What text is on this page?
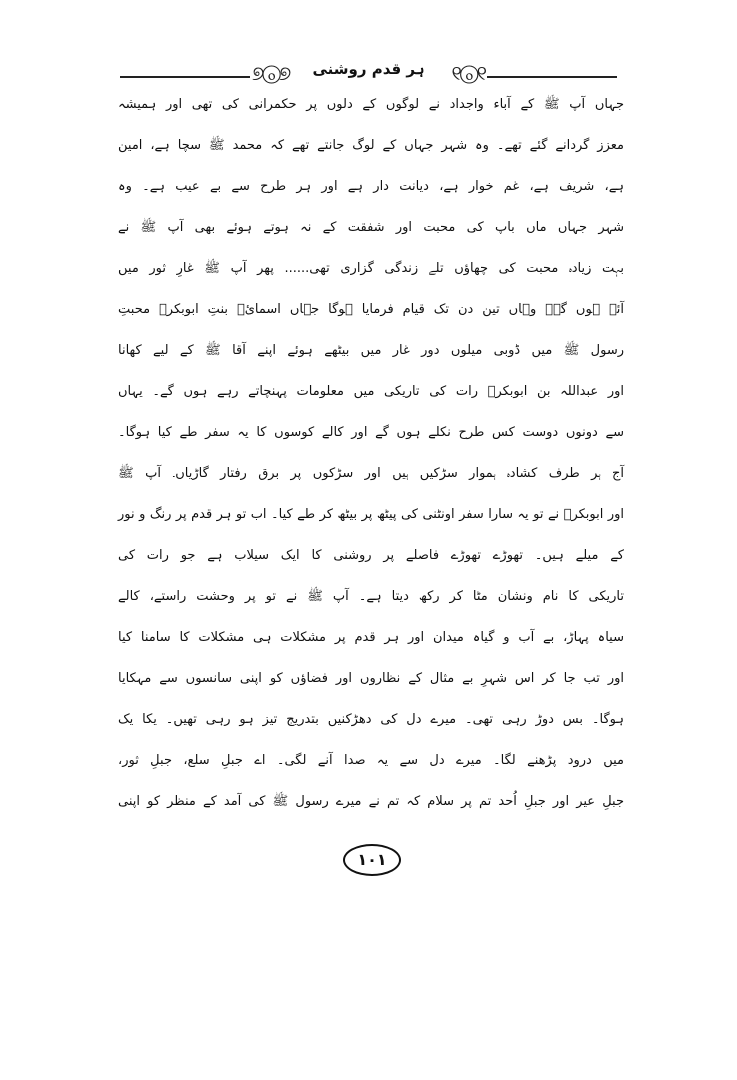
୭ⓞ୭	ہر قدم روشنی	୧ⓞ୧
جہاں آپ ﷺ کے آباء واجداد نے لوگوں کے دلوں پر حکمرانی کی تھی اور ہمیشہ
معزز گردانے گئے تھے۔ وہ شہر جہاں کے لوگ جانتے تھے کہ محمد ﷺ سچا ہے، امین
ہے، شریف ہے، غم خوار ہے، دیانت دار ہے اور ہر طرح سے بے عیب ہے۔ وہ
شہر جہاں ماں باپ کی محبت اور شفقت کے نہ ہوتے ہوئے بھی آپ ﷺ نے
بہت زیادہ محبت کی چھاؤں تلے زندگی گزاری تھی...... پھر آپ ﷺ غارِ ثور میں
آئے ہوں گے۔ وہاں تین دن تک قیام فرمایا ہوگا جہاں اسمائؓ بنتِ ابوبکرؓ محبتِ
رسول ﷺ میں ڈوبی میلوں دور غار میں بیٹھے ہوئے اپنے آقا ﷺ کے لیے کھانا
اور عبداللہ بن ابوبکرؓ رات کی تاریکی میں معلومات پہنچاتے رہے ہوں گے۔ یہاں
سے دونوں دوست کس طرح نکلے ہوں گے اور کالے کوسوں کا یہ سفر طے کیا ہوگا۔
آج ہر طرف کشادہ ہموار سڑکیں ہیں اور سڑکوں پر برق رفتار گاڑیاں۔ آپ ﷺ
اور ابوبکرؓ نے تو یہ سارا سفر اونٹنی کی پیٹھ پر بیٹھ کر طے کیا۔ اب تو ہر قدم پر رنگ و نور
کے میلے ہیں۔ تھوڑے تھوڑے فاصلے پر روشنی کا ایک سیلاب ہے جو رات کی
تاریکی کا نام ونشان مٹا کر رکھ دیتا ہے۔ آپ ﷺ نے تو پر وحشت راستے، کالے
سیاہ پہاڑ، بے آب و گیاہ میدان اور ہر قدم پر مشکلات ہی مشکلات کا سامنا کیا
اور تب جا کر اس شہرِ بے مثال کے نظاروں اور فضاؤں کو اپنی سانسوں سے مہکایا
ہوگا۔ بس دوڑ رہی تھی۔ میرے دل کی دھڑکنیں بتدریج تیز ہو رہی تھیں۔ یکا یک
میں درود پڑھنے لگا۔ میرے دل سے یہ صدا آنے لگی۔ اے جبلِ سلع، جبلِ ثور،
جبلِ عیر اور جبلِ اُحد تم پر سلام کہ تم نے میرے رسول ﷺ کی آمد کے منظر کو اپنی
۱۰۱
